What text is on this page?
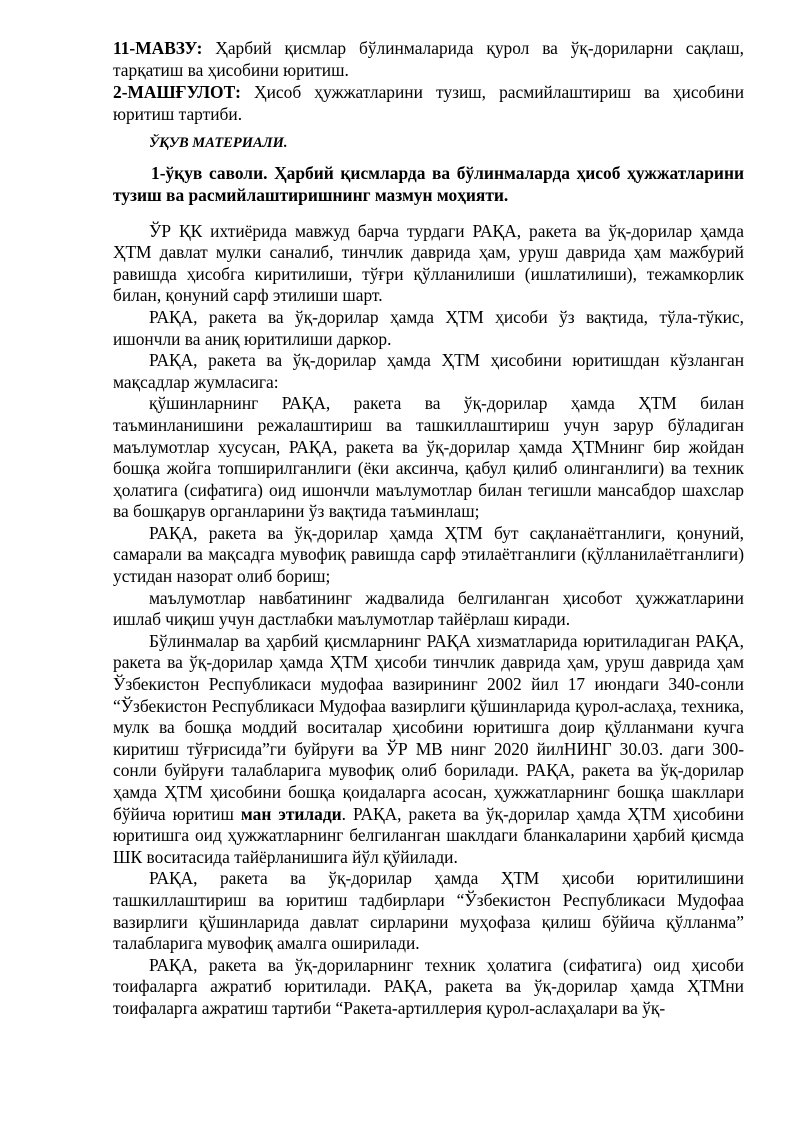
11-МАВЗУ: Ҳарбий қисмлар бўлинмаларида қурол ва ўқ-дориларни сақлаш, тарқатиш ва ҳисобини юритиш.

2-МАШҒУЛОТ: Ҳисоб ҳужжатларини тузиш, расмийлаштириш ва ҳисобини юритиш тартиби.

ЎҚУВ МАТЕРИАЛИ.

1-ўқув саволи. Ҳарбий қисмларда ва бўлинмаларда ҳисоб ҳужжатларини тузиш ва расмийлаштиришнинг мазмун моҳияти.

ЎР ҚК ихтиёрида мавжуд барча турдаги РАҚА, ракета ва ўқ-дорилар ҳамда ҲТМ давлат мулки саналиб, тинчлик даврида ҳам, уруш даврида ҳам мажбурий равишда ҳисобга киритилиши, тўғри қўлланилиши (ишлатилиши), тежамкорлик билан, қонуний сарф этилиши шарт.

РАҚА, ракета ва ўқ-дорилар ҳамда ҲТМ ҳисоби ўз вақтида, тўла-тўкис, ишончли ва аниқ юритилиши даркор.

РАҚА, ракета ва ўқ-дорилар ҳамда ҲТМ ҳисобини юритишдан кўзланган мақсадлар жумласига:

қўшинларнинг РАҚА, ракета ва ўқ-дорилар ҳамда ҲТМ билан таъминланишини режалаштириш ва ташкиллаштириш учун зарур бўладиган маълумотлар хусусан, РАҚА, ракета ва ўқ-дорилар ҳамда ҲТМнинг бир жойдан бошқа жойга топширилганлиги (ёки аксинча, қабул қилиб олинганлиги) ва техник ҳолатига (сифатига) оид ишончли маълумотлар билан тегишли мансабдор шахслар ва бошқарув органларини ўз вақтида таъминлаш;

РАҚА, ракета ва ўқ-дорилар ҳамда ҲТМ бут сақланаётганлиги, қонуний, самарали ва мақсадга мувофиқ равишда сарф этилаётганлиги (қўлланилаётганлиги) устидан назорат олиб бориш;

маълумотлар навбатининг жадвалида белгиланган ҳисобот ҳужжатларини ишлаб чиқиш учун дастлабки маълумотлар тайёрлаш киради.

Бўлинмалар ва ҳарбий қисмларнинг РАҚА хизматларида юритиладиган РАҚА, ракета ва ўқ-дорилар ҳамда ҲТМ ҳисоби тинчлик даврида ҳам, уруш даврида ҳам Ўзбекистон Республикаси мудофаа вазирининг 2002 йил 17 июндаги 340-сонли “Ўзбекистон Республикаси Мудофаа вазирлиги қўшинларида қурол-аслаҳа, техника, мулк ва бошқа моддий воситалар ҳисобини юритишга доир қўлланмани кучга киритиш тўғрисида”ги буйруғи ва ЎР МВ нинг 2020 йилНИНГ 30.03. даги 300-сонли буйруғи талабларига мувофиқ олиб борилади. РАҚА, ракета ва ўқ-дорилар ҳамда ҲТМ ҳисобини бошқа қоидаларга асосан, ҳужжатларнинг бошқа шакллари бўйича юритиш ман этилади. РАҚА, ракета ва ўқ-дорилар ҳамда ҲТМ ҳисобини юритишга оид ҳужжатларнинг белгиланган шаклдаги бланкаларини ҳарбий қисмда ШК воситасида тайёрланишига йўл қўйилади.

РАҚА, ракета ва ўқ-дорилар ҳамда ҲТМ ҳисоби юритилишини ташкиллаштириш ва юритиш тадбирлари “Ўзбекистон Республикаси Мудофаа вазирлиги қўшинларида давлат сирларини муҳофаза қилиш бўйича қўлланма” талабларига мувофиқ амалга оширилади.

РАҚА, ракета ва ўқ-дориларнинг техник ҳолатига (сифатига) оид ҳисоби тоифаларга ажратиб юритилади. РАҚА, ракета ва ўқ-дорилар ҳамда ҲТМни тоифаларга ажратиш тартиби “Ракета-артиллерия қурол-аслаҳалари ва ўқ-
